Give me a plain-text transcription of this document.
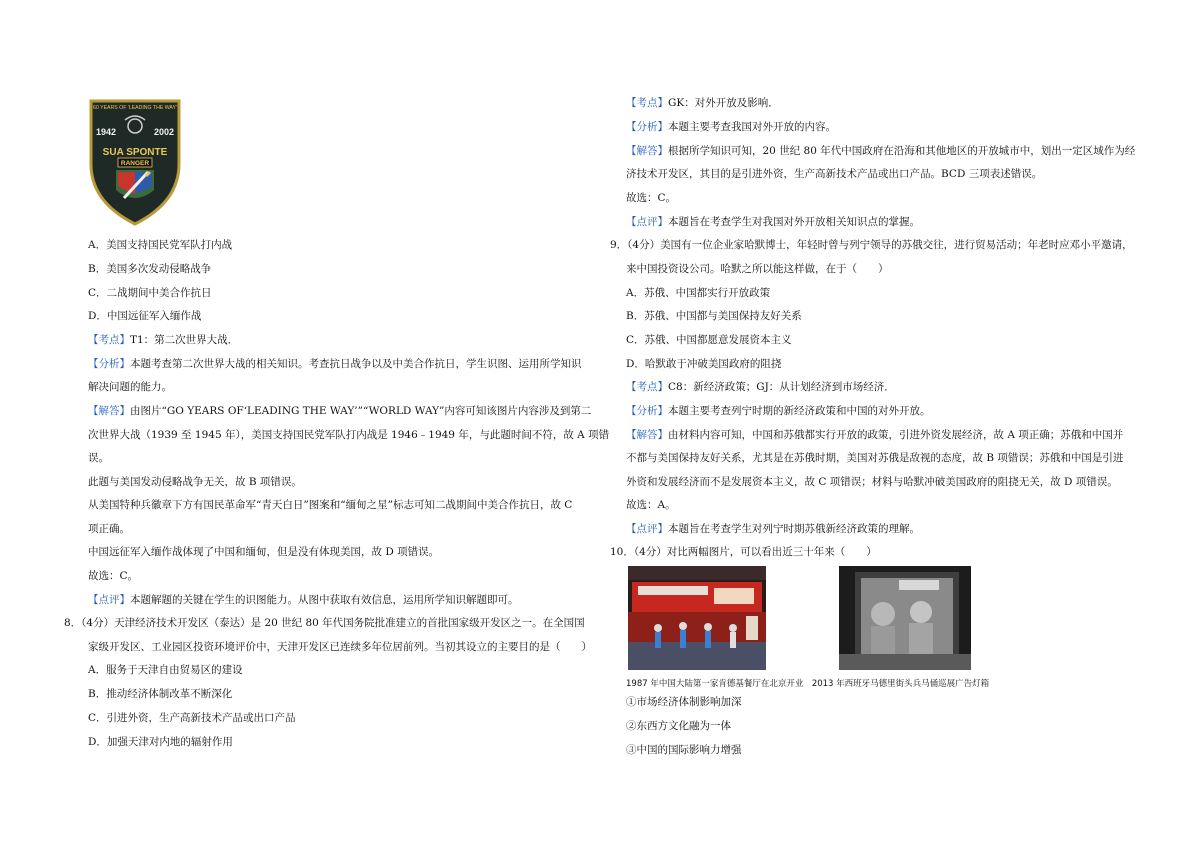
60 YEARS OF 'LEADING THE WAY'
1942	2002
SUA SPONTE
RANGER
A．美国支持国民党军队打内战
B．美国多次发动侵略战争
C．二战期间中美合作抗日
D．中国远征军入缅作战
【考点】T1：第二次世界大战．
【分析】本题考查第二次世界大战的相关知识。考查抗日战争以及中美合作抗日，学生识图、运用所学知识
解决问题的能力。
【解答】由图片“GO YEARS OF‘LEADING THE WAY’”“WORLD WAY”内容可知该图片内容涉及到第二
次世界大战（1939 至 1945 年），美国支持国民党军队打内战是 1946﹣1949 年，与此题时间不符，故 A 项错
误。
此题与美国发动侵略战争无关，故 B 项错误。
从美国特种兵徽章下方有国民革命军“青天白日”图案和“缅甸之星”标志可知二战期间中美合作抗日，故 C
项正确。
中国远征军入缅作战体现了中国和缅甸，但是没有体现美国，故 D 项错误。
故选：C。
【点评】本题解题的关键在学生的识图能力。从图中获取有效信息，运用所学知识解题即可。
8．（4分）天津经济技术开发区（泰达）是 20 世纪 80 年代国务院批准建立的首批国家级开发区之一。在全国国
家级开发区、工业园区投资环境评价中，天津开发区已连续多年位居前列。当初其设立的主要目的是（　　）
A．服务于天津自由贸易区的建设
B．推动经济体制改革不断深化
C．引进外资，生产高新技术产品或出口产品
D．加强天津对内地的辐射作用
【考点】GK：对外开放及影响．
【分析】本题主要考查我国对外开放的内容。
【解答】根据所学知识可知，20 世纪 80 年代中国政府在沿海和其他地区的开放城市中，划出一定区域作为经
济技术开发区，其目的是引进外资，生产高新技术产品或出口产品。BCD 三项表述错误。
故选：C。
【点评】本题旨在考查学生对我国对外开放相关知识点的掌握。
9．（4分）美国有一位企业家哈默博士，年轻时曾与列宁领导的苏俄交往，进行贸易活动；年老时应邓小平邀请，
来中国投资设公司。哈默之所以能这样做，在于（　　）
A．苏俄、中国都实行开放政策
B．苏俄、中国都与美国保持友好关系
C．苏俄、中国都愿意发展资本主义
D．哈默敢于冲破美国政府的阻挠
【考点】C8：新经济政策；GJ：从计划经济到市场经济．
【分析】本题主要考查列宁时期的新经济政策和中国的对外开放。
【解答】由材料内容可知，中国和苏俄都实行开放的政策，引进外资发展经济，故 A 项正确；苏俄和中国并
不都与美国保持友好关系，尤其是在苏俄时期，美国对苏俄是敌视的态度，故 B 项错误；苏俄和中国是引进
外资和发展经济而不是发展资本主义，故 C 项错误；材料与哈默冲破美国政府的阻挠无关，故 D 项错误。
故选：A。
【点评】本题旨在考查学生对列宁时期苏俄新经济政策的理解。
10．（4分）对比两幅图片，可以看出近三十年来（　　）
1987 年中国大陆第一家肯德基餐厅在北京开业　2013 年西班牙马德里街头兵马俑巡展广告灯箱
①市场经济体制影响加深
②东西方文化融为一体
③中国的国际影响力增强
